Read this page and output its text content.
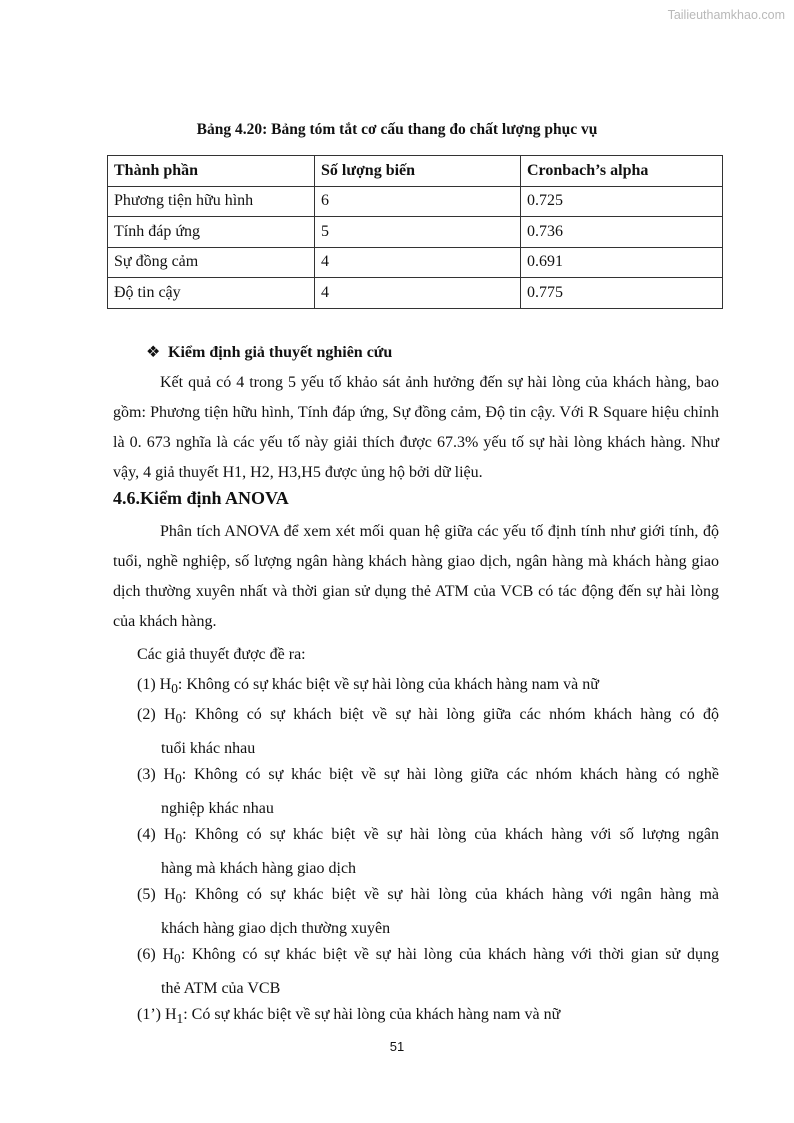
Tailieuthamkhao.com
Bảng 4.20: Bảng tóm tắt cơ cấu thang đo chất lượng phục vụ
Thành phần	Số lượng biến	Cronbach’s alpha
Phương tiện hữu hình	6	0.725
Tính đáp ứng	5	0.736
Sự đồng cảm	4	0.691
Độ tin cậy	4	0.775
❖ Kiểm định giả thuyết nghiên cứu

Kết quả có 4 trong 5 yếu tố khảo sát ảnh hưởng đến sự hài lòng của khách hàng, bao gồm: Phương tiện hữu hình, Tính đáp ứng, Sự đồng cảm, Độ tin cậy. Với R Square hiệu chỉnh là 0. 673 nghĩa là các yếu tố này giải thích được 67.3% yếu tố sự hài lòng khách hàng. Như vậy, 4 giả thuyết H1, H2, H3,H5 được ủng hộ bởi dữ liệu.

4.6.Kiểm định ANOVA

Phân tích ANOVA để xem xét mối quan hệ giữa các yếu tố định tính như giới tính, độ tuổi, nghề nghiệp, số lượng ngân hàng khách hàng giao dịch, ngân hàng mà khách hàng giao dịch thường xuyên nhất và thời gian sử dụng thẻ ATM của VCB có tác động đến sự hài lòng của khách hàng.

Các giả thuyết được đề ra:
(1) $H_0$: Không có sự khác biệt về sự hài lòng của khách hàng nam và nữ
(2) $H_0$: Không có sự khách biệt về sự hài lòng giữa các nhóm khách hàng có độ
tuổi khác nhau
(3) $H_0$: Không có sự khác biệt về sự hài lòng giữa các nhóm khách hàng có nghề
nghiệp khác nhau
(4) $H_0$: Không có sự khác biệt về sự hài lòng của khách hàng với số lượng ngân
hàng mà khách hàng giao dịch
(5) $H_0$: Không có sự khác biệt về sự hài lòng của khách hàng với ngân hàng mà
khách hàng giao dịch thường xuyên
(6) $H_0$: Không có sự khác biệt về sự hài lòng của khách hàng với thời gian sử dụng
thẻ ATM của VCB
(1’) $H_1$: Có sự khác biệt về sự hài lòng của khách hàng nam và nữ
51
